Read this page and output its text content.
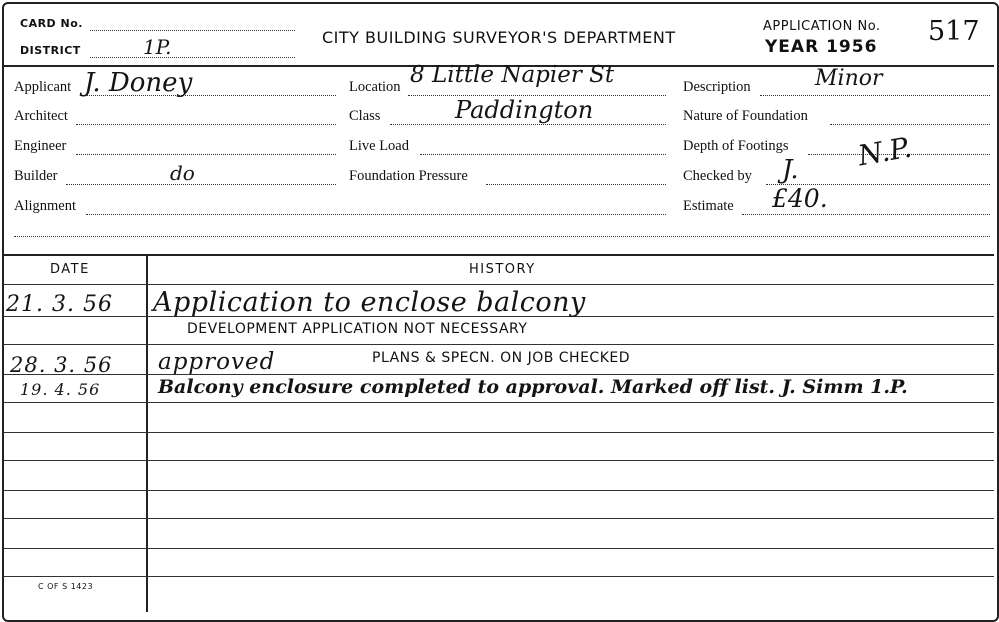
CARD No.
DISTRICT	1P.	CITY BUILDING SURVEYOR'S DEPARTMENT
APPLICATION No.
YEAR 1956 517
Applicant J. Doney
Architect
Engineer
Builder	do
Alignment
Location 8 Little Napier St
Class	Paddington
Live Load
Foundation Pressure
Description	Minor
Nature of Foundation
Depth of Footings N.P.
Checked by J.
Estimate £40.
DATE	HISTORY
21. 3. 56 Application to enclose balcony
DEVELOPMENT APPLICATION NOT NECESSARY
28. 3. 56 approved	PLANS & SPECN. ON JOB CHECKED
19. 4. 56	Balcony enclosure completed to approval. Marked off list. J. Simm 1.P.
C OF S 1423
